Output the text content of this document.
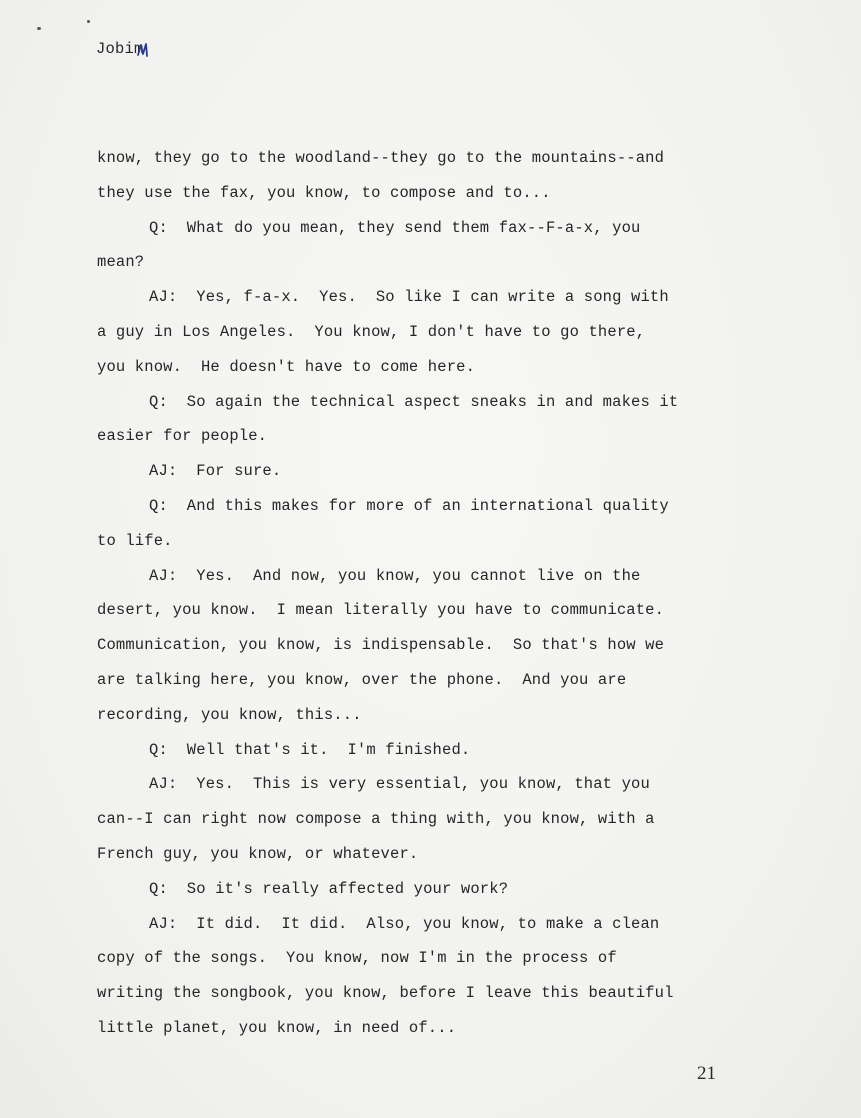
Jobim
know, they go to the woodland--they go to the mountains--and
they use the fax, you know, to compose and to...
Q:  What do you mean, they send them fax--F-a-x, you
mean?
AJ:  Yes, f-a-x.  Yes.  So like I can write a song with
a guy in Los Angeles.  You know, I don't have to go there,
you know.  He doesn't have to come here.
Q:  So again the technical aspect sneaks in and makes it
easier for people.
AJ:  For sure.
Q:  And this makes for more of an international quality
to life.
AJ:  Yes.  And now, you know, you cannot live on the
desert, you know.  I mean literally you have to communicate.
Communication, you know, is indispensable.  So that's how we
are talking here, you know, over the phone.  And you are
recording, you know, this...
Q:  Well that's it.  I'm finished.
AJ:  Yes.  This is very essential, you know, that you
can--I can right now compose a thing with, you know, with a
French guy, you know, or whatever.
Q:  So it's really affected your work?
AJ:  It did.  It did.  Also, you know, to make a clean
copy of the songs.  You know, now I'm in the process of
writing the songbook, you know, before I leave this beautiful
little planet, you know, in need of...
21
